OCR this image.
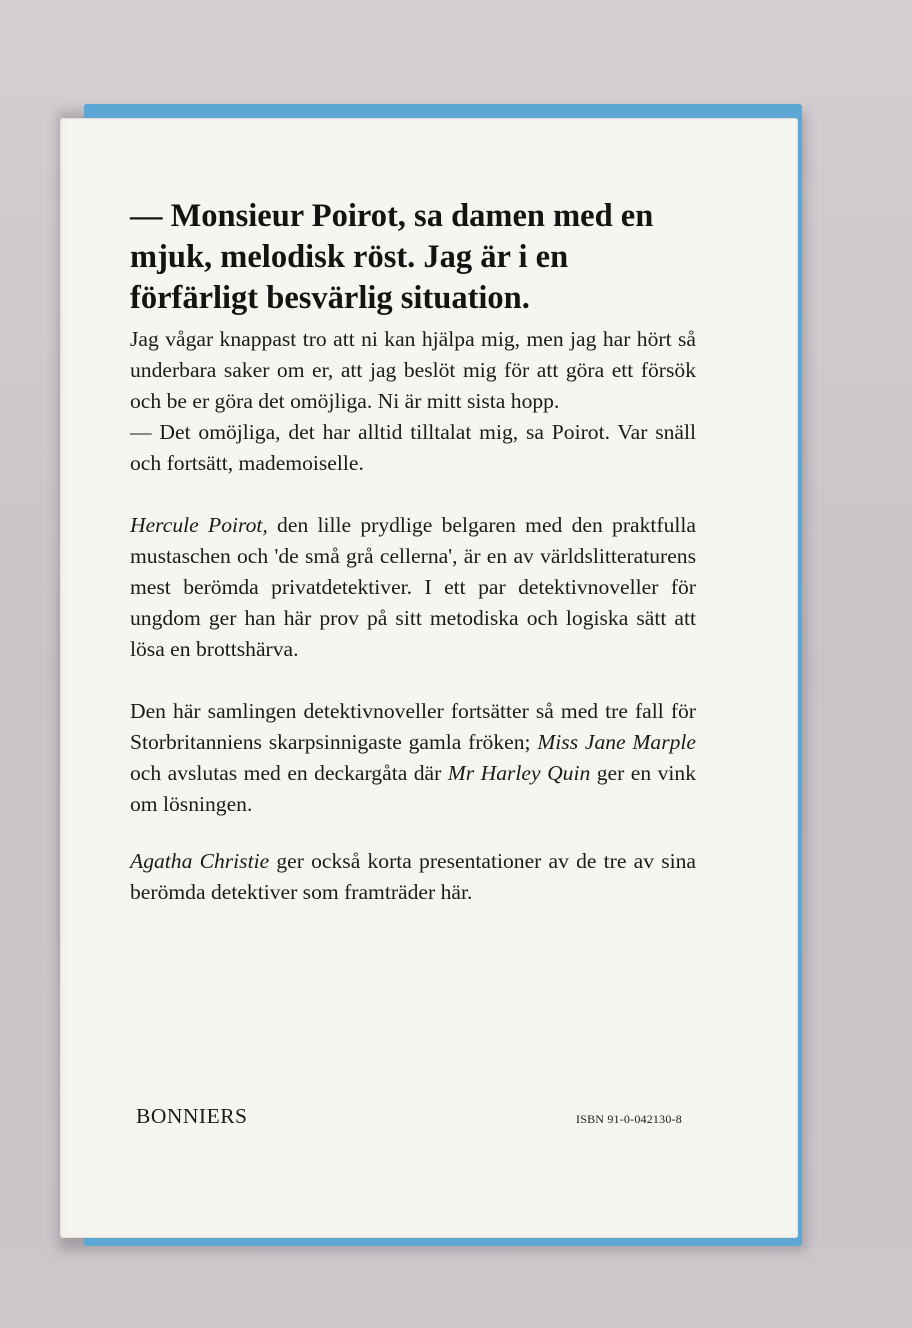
— Monsieur Poirot, sa damen med en mjuk, melodisk röst. Jag är i en förfärligt besvärlig situation.

Jag vågar knappast tro att ni kan hjälpa mig, men jag har hört så underbara saker om er, att jag beslöt mig för att göra ett försök och be er göra det omöjliga. Ni är mitt sista hopp.

— Det omöjliga, det har alltid tilltalat mig, sa Poirot. Var snäll och fortsätt, mademoiselle.

Hercule Poirot, den lille prydlige belgaren med den praktfulla mustaschen och 'de små grå cellerna', är en av världslitteraturens mest berömda privatdetektiver. I ett par detektivnoveller för ungdom ger han här prov på sitt metodiska och logiska sätt att lösa en brottshärva.

Den här samlingen detektivnoveller fortsätter så med tre fall för Storbritanniens skarpsinnigaste gamla fröken; Miss Jane Marple och avslutas med en deckargåta där Mr Harley Quin ger en vink om lösningen.

Agatha Christie ger också korta presentationer av de tre av sina berömda detektiver som framträder här.

BONNIERS	ISBN 91-0-042130-8
